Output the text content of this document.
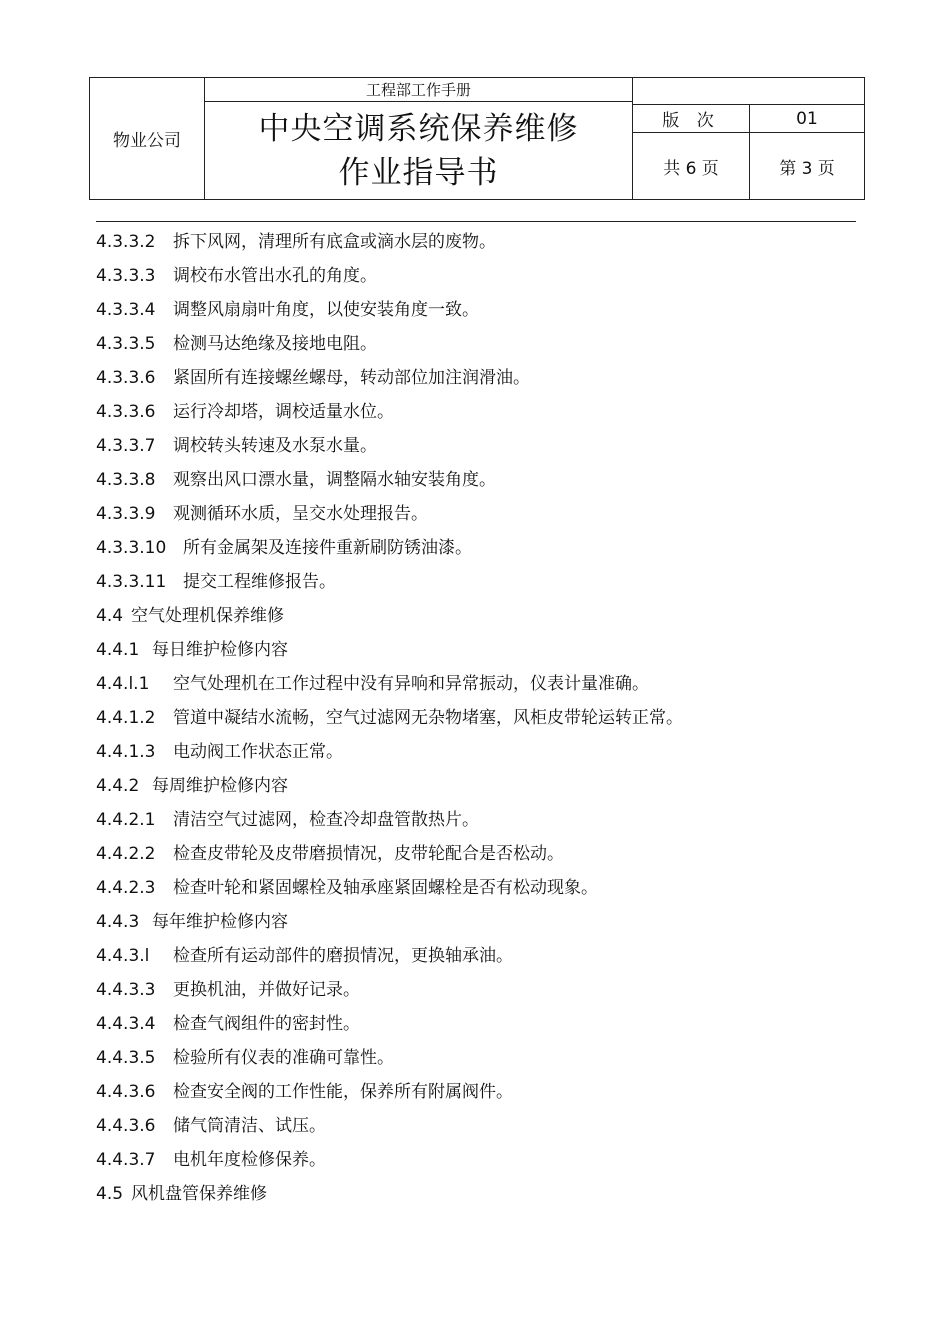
物业公司
工程部工作手册
中央空调系统保养维修
作业指导书
版 次	01
共 6 页	第 3 页
4.3.3.2 拆下风网，清理所有底盒或滴水层的废物。
4.3.3.3 调校布水管出水孔的角度。
4.3.3.4 调整风扇扇叶角度，以使安装角度一致。
4.3.3.5 检测马达绝缘及接地电阻。
4.3.3.6 紧固所有连接螺丝螺母，转动部位加注润滑油。
4.3.3.6 运行冷却塔，调校适量水位。
4.3.3.7 调校转头转速及水泵水量。
4.3.3.8 观察出风口漂水量，调整隔水轴安装角度。
4.3.3.9 观测循环水质，呈交水处理报告。
4.3.3.10 所有金属架及连接件重新刷防锈油漆。
4.3.3.11 提交工程维修报告。
4.4 空气处理机保养维修
4.4.1 每日维护检修内容
4.4.l.1 空气处理机在工作过程中没有异响和异常振动，仪表计量准确。
4.4.1.2 管道中凝结水流畅，空气过滤网无杂物堵塞，风柜皮带轮运转正常。
4.4.1.3 电动阀工作状态正常。
4.4.2 每周维护检修内容
4.4.2.1 清洁空气过滤网，检查冷却盘管散热片。
4.4.2.2 检查皮带轮及皮带磨损情况，皮带轮配合是否松动。
4.4.2.3 检查叶轮和紧固螺栓及轴承座紧固螺栓是否有松动现象。
4.4.3 每年维护检修内容
4.4.3.l 检查所有运动部件的磨损情况，更换轴承油。
4.4.3.3 更换机油，并做好记录。
4.4.3.4 检查气阀组件的密封性。
4.4.3.5 检验所有仪表的准确可靠性。
4.4.3.6 检查安全阀的工作性能，保养所有附属阀件。
4.4.3.6 储气筒清洁、试压。
4.4.3.7 电机年度检修保养。
4.5 风机盘管保养维修
